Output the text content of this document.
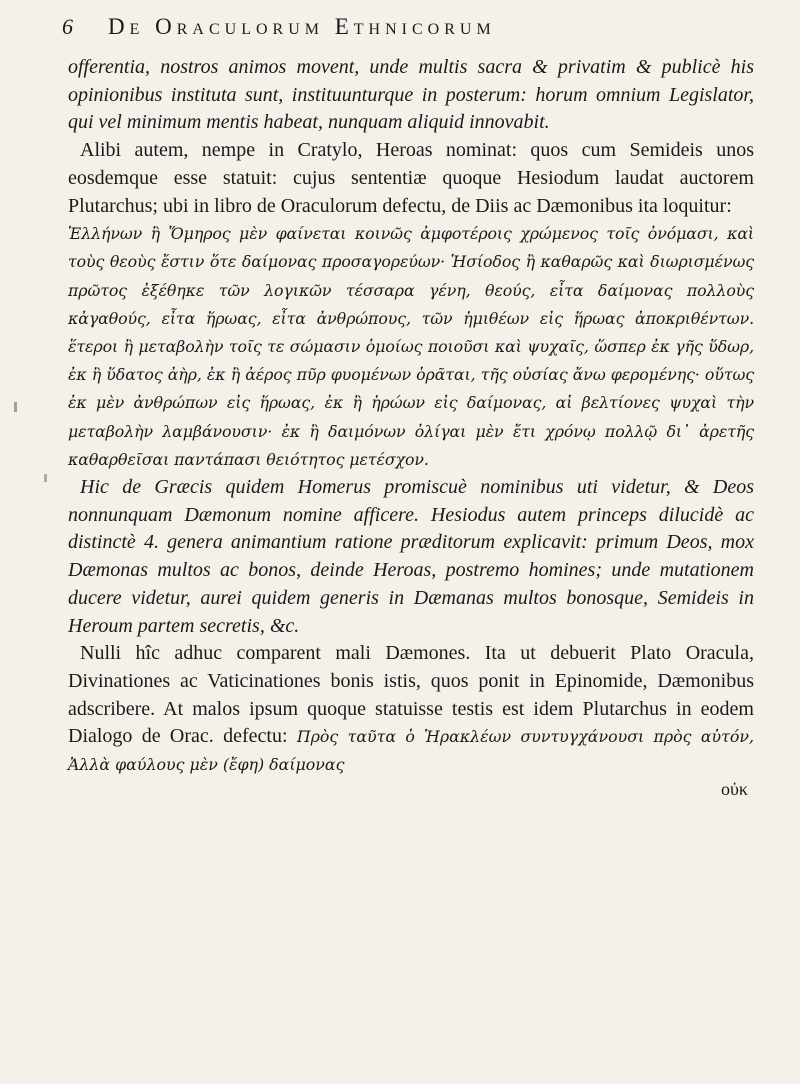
6	De Oraculorum Ethnicorum

offerentia, nostros animos movent, unde multis sacra & privatim & publicè his opinionibus instituta sunt, instituunturque in posterum: horum omnium Legislator, qui vel minimum mentis habeat, nunquam aliquid innovabit.

Alibi autem, nempe in Cratylo, Heroas nominat: quos cum Semideis unos eosdemque esse statuit: cujus sententiæ quoque Hesiodum laudat auctorem Plutarchus; ubi in libro de Oraculorum defectu, de Diis ac Dæmonibus ita loquitur:

Ἑλλήνων ἢ Ὅμηρος μὲν φαίνεται κοινῶς ἀμφοτέροις χρώμενος τοῖς ὀνόμασι, καὶ τοὺς θεοὺς ἔστιν ὅτε δαίμονας προσαγορεύων· Ἡσίοδος ἢ καθαρῶς καὶ διωρισμένως πρῶτος ἐξέθηκε τῶν λογικῶν τέσσαρα γένη, θεούς, εἶτα δαίμονας πολλοὺς κἀγαθούς, εἶτα ἥρωας, εἶτα ἀνθρώπους, τῶν ἡμιθέων εἰς ἥρωας ἀποκριθέντων. ἕτεροι ἢ μεταβολὴν τοῖς τε σώμασιν ὁμοίως ποιοῦσι καὶ ψυχαῖς, ὥσπερ ἐκ γῆς ὕδωρ, ἐκ ἢ ὕδατος ἀὴρ, ἐκ ἢ ἀέρος πῦρ φυομένων ὁρᾶται, τῆς οὐσίας ἄνω φερομένης· οὕτως ἐκ μὲν ἀνθρώπων εἰς ἥρωας, ἐκ ἢ ἡρώων εἰς δαίμονας, αἱ βελτίονες ψυχαὶ τὴν μεταβολὴν λαμβάνουσιν· ἐκ ἢ δαιμόνων ὀλίγαι μὲν ἔτι χρόνῳ πολλῷ δι᾽ ἀρετῆς καθαρθεῖσαι παντάπασι θειότητος μετέσχον.

Hic de Græcis quidem Homerus promiscuè nominibus uti videtur, & Deos nonnunquam Dæmonum nomine afficere. Hesiodus autem princeps dilucidè ac distinctè 4. genera animantium ratione præditorum explicavit: primum Deos, mox Dæmonas multos ac bonos, deinde Heroas, postremo homines; unde mutationem ducere videtur, aurei quidem generis in Dæmanas multos bonosque, Semideis in Heroum partem secretis, &c.

Nulli hîc adhuc comparent mali Dæmones. Ita ut debuerit Plato Oracula, Divinationes ac Vaticinationes bonis istis, quos ponit in Epinomide, Dæmonibus adscribere. At malos ipsum quoque statuisse testis est idem Plutarchus in eodem Dialogo de Orac. defectu: Πρὸς ταῦτα ὁ Ἡρακλέων συντυγχάνουσι πρὸς αὐτόν, Ἀλλὰ φαύλους μὲν (ἔφη) δαίμονας

οὐκ
